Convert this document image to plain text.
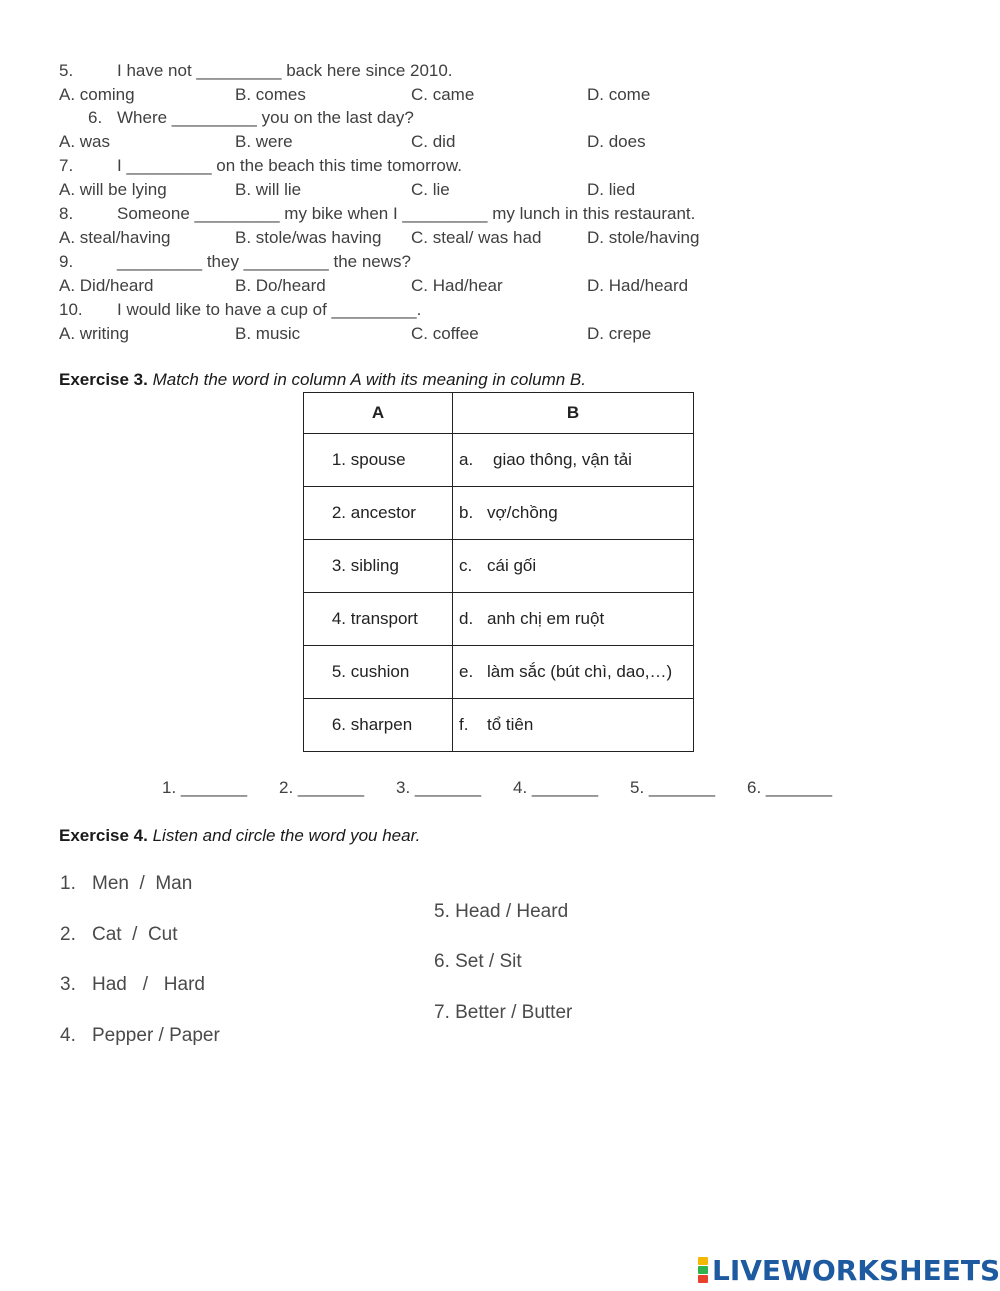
5.	I have not _________ back here since 2010.
A. coming	B. comes	C. came	D. come
6. Where _________ you on the last day?
A. was	B. were	C. did	D. does
7.	I _________ on the beach this time tomorrow.
A. will be lying	B. will lie	C. lie	D. lied
8.	Someone _________ my bike when I _________ my lunch in this restaurant.
A. steal/having	B. stole/was having C. steal/ was had	D. stole/having
9.	_________ they _________ the news?
A. Did/heard	B. Do/heard	C. Had/hear	D. Had/heard
10. I would like to have a cup of _________.
A. writing	B. music	C. coffee	D. crepe
Exercise 3. Match the word in column A with its meaning in column B.
A	B
1. spouse	a. giao thông, vận tải
2. ancestor	b. vợ/chồng
3. sibling	c. cái gối
4. transport	d. anh chị em ruột
5. cushion	e. làm sắc (bút chì, dao,…)
6. sharpen	f. tổ tiên
1. _______ 2. _______ 3. _______ 4. _______ 5. _______ 6. _______
Exercise 4. Listen and circle the word you hear.
1. Men  /  Man
2. Cat  /  Cut
3. Had   /   Hard
4. Pepper / Paper
5. Head / Heard
6. Set / Sit
7. Better / Butter
LIVEWORKSHEETS
